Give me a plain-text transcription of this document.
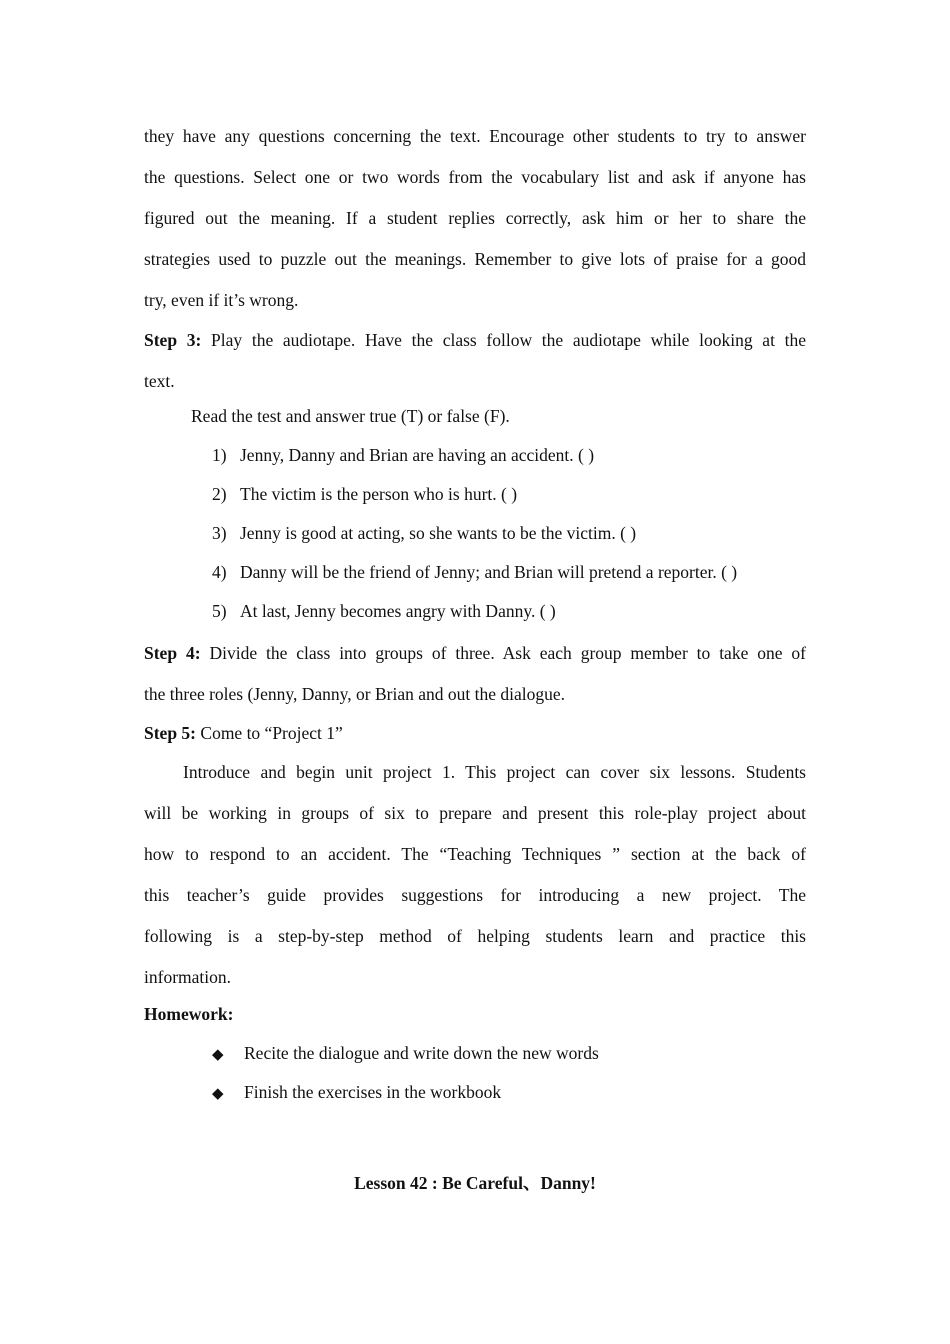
they have any questions concerning the text. Encourage other students to try to answer
the questions. Select one or two words from the vocabulary list and ask if anyone has
figured out the meaning. If a student replies correctly, ask him or her to share the
strategies used to puzzle out the meanings. Remember to give lots of praise for a good
try, even if it’s wrong.
Step 3: Play the audiotape. Have the class follow the audiotape while looking at the
text.
Read the test and answer true (T) or false (F).
1) Jenny, Danny and Brian are having an accident. ( )
2) The victim is the person who is hurt. ( )
3) Jenny is good at acting, so she wants to be the victim. ( )
4) Danny will be the friend of Jenny; and Brian will pretend a reporter. ( )
5) At last, Jenny becomes angry with Danny. ( )
Step 4: Divide the class into groups of three. Ask each group member to take one of
the three roles (Jenny, Danny, or Brian and out the dialogue.
Step 5: Come to “Project 1”
Introduce and begin unit project 1. This project can cover six lessons. Students
will be working in groups of six to prepare and present this role-play project about
how to respond to an accident. The “Teaching Techniques ” section at the back of
this teacher’s guide provides suggestions for introducing a new project. The
following is a step-by-step method of helping students learn and practice this
information.
Homework:
◆ Recite the dialogue and write down the new words
◆ Finish the exercises in the workbook
Lesson 42 : Be Careful、Danny!
